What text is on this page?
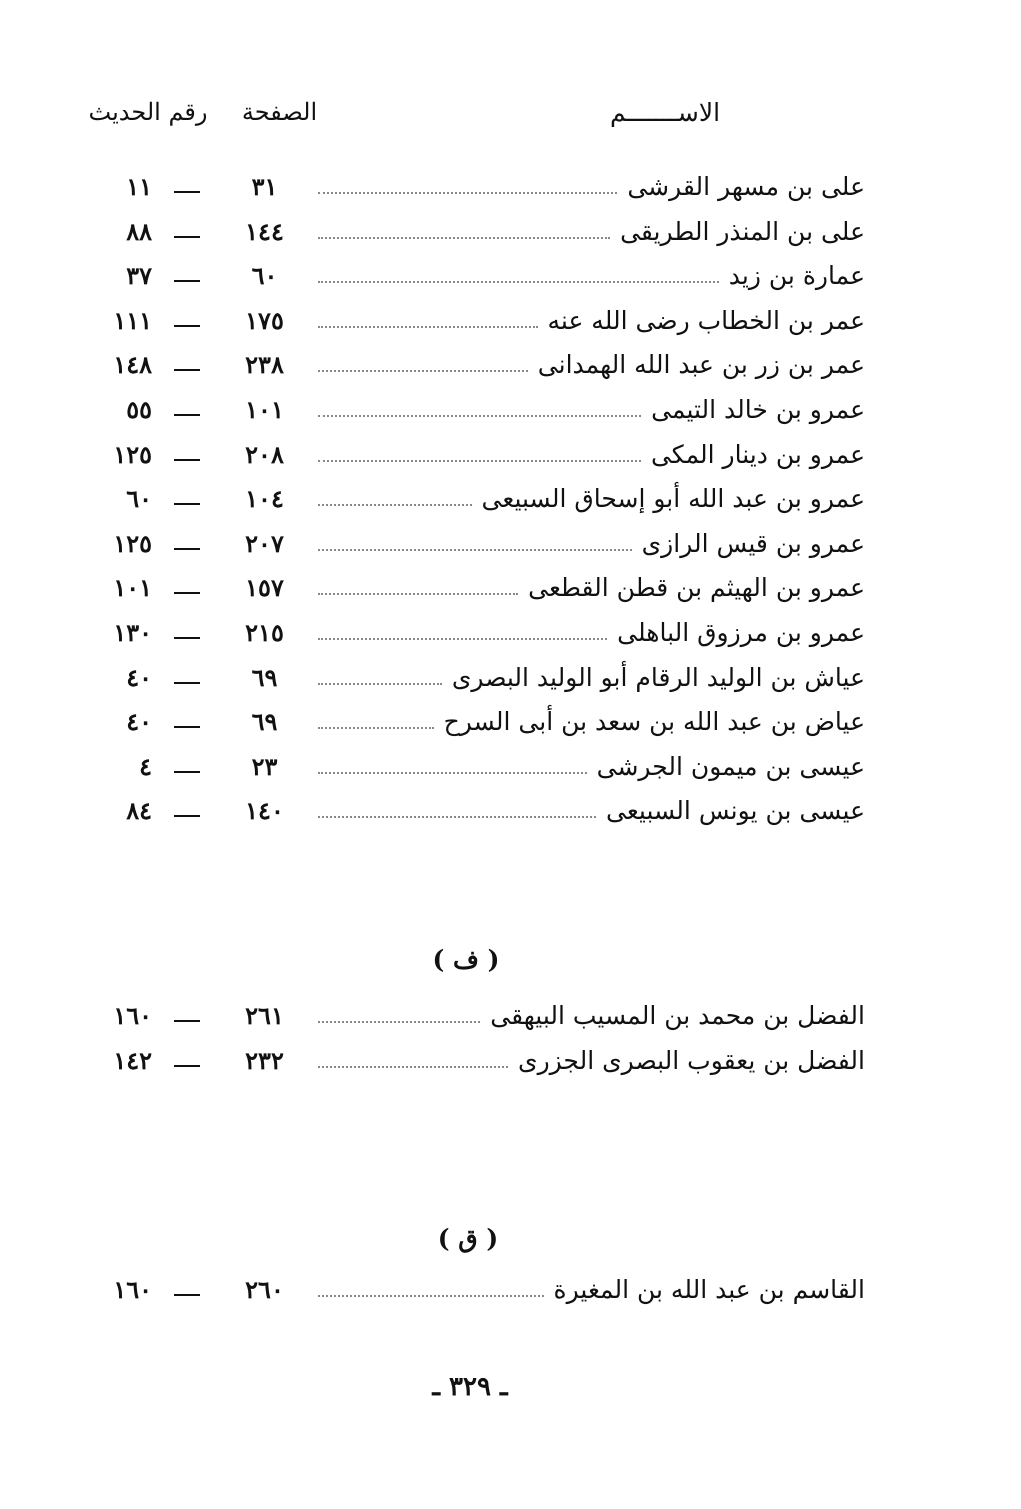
الاســـــــم
الصفحة
رقم الحديث
على بن مسهر القرشى
٣١
١١
على بن المنذر الطريقى
١٤٤
٨٨
عمارة بن زيد
٦٠
٣٧
عمر بن الخطاب رضى الله عنه
١٧٥
١١١
عمر بن زر بن عبد الله الهمدانى
٢٣٨
١٤٨
عمرو بن خالد التيمى
١٠١
٥٥
عمرو بن دينار المكى
٢٠٨
١٢٥
عمرو بن عبد الله أبو إسحاق السبيعى
١٠٤
٦٠
عمرو بن قيس الرازى
٢٠٧
١٢٥
عمرو بن الهيثم بن قطن القطعى
١٥٧
١٠١
عمرو بن مرزوق الباهلى
٢١٥
١٣٠
عياش بن الوليد الرقام أبو الوليد البصرى
٦٩
٤٠
عياض بن عبد الله بن سعد بن أبى السرح
٦٩
٤٠
عيسى بن ميمون الجرشى
٢٣
٤
عيسى بن يونس السبيعى
١٤٠
٨٤
( ف )
الفضل بن محمد بن المسيب البيهقى
٢٦١
١٦٠
الفضل بن يعقوب البصرى الجزرى
٢٣٢
١٤٢
( ق )
القاسم بن عبد الله بن المغيرة
٢٦٠
١٦٠
ـ ٣٢٩ ـ
